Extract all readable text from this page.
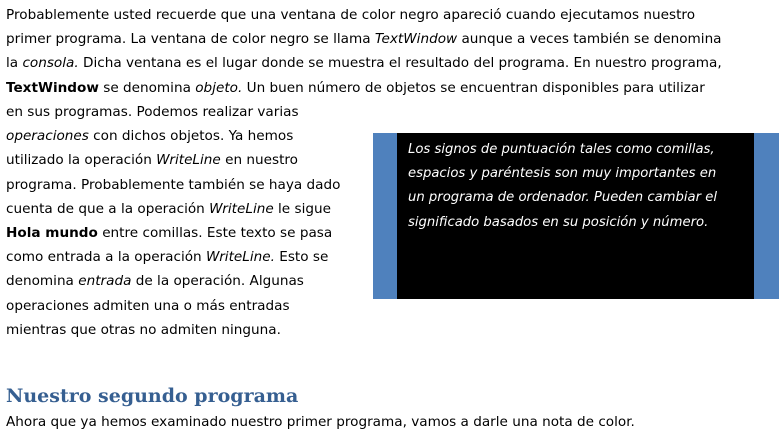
Probablemente usted recuerde que una ventana de color negro apareció cuando ejecutamos nuestro
primer programa. La ventana de color negro se llama TextWindow aunque a veces también se denomina
la consola. Dicha ventana es el lugar donde se muestra el resultado del programa. En nuestro programa,
TextWindow se denomina objeto. Un buen número de objetos se encuentran disponibles para utilizar

en sus programas. Podemos realizar varias
operaciones con dichos objetos. Ya hemos
utilizado la operación WriteLine en nuestro
programa. Probablemente también se haya dado
cuenta de que a la operación WriteLine le sigue
Hola mundo entre comillas. Este texto se pasa
como entrada a la operación WriteLine. Esto se
denomina entrada de la operación. Algunas
operaciones admiten una o más entradas
mientras que otras no admiten ninguna.

Los signos de puntuación tales como comillas,
espacios y paréntesis son muy importantes en
un programa de ordenador. Pueden cambiar el
significado basados en su posición y número.
Nuestro segundo programa

Ahora que ya hemos examinado nuestro primer programa, vamos a darle una nota de color.
